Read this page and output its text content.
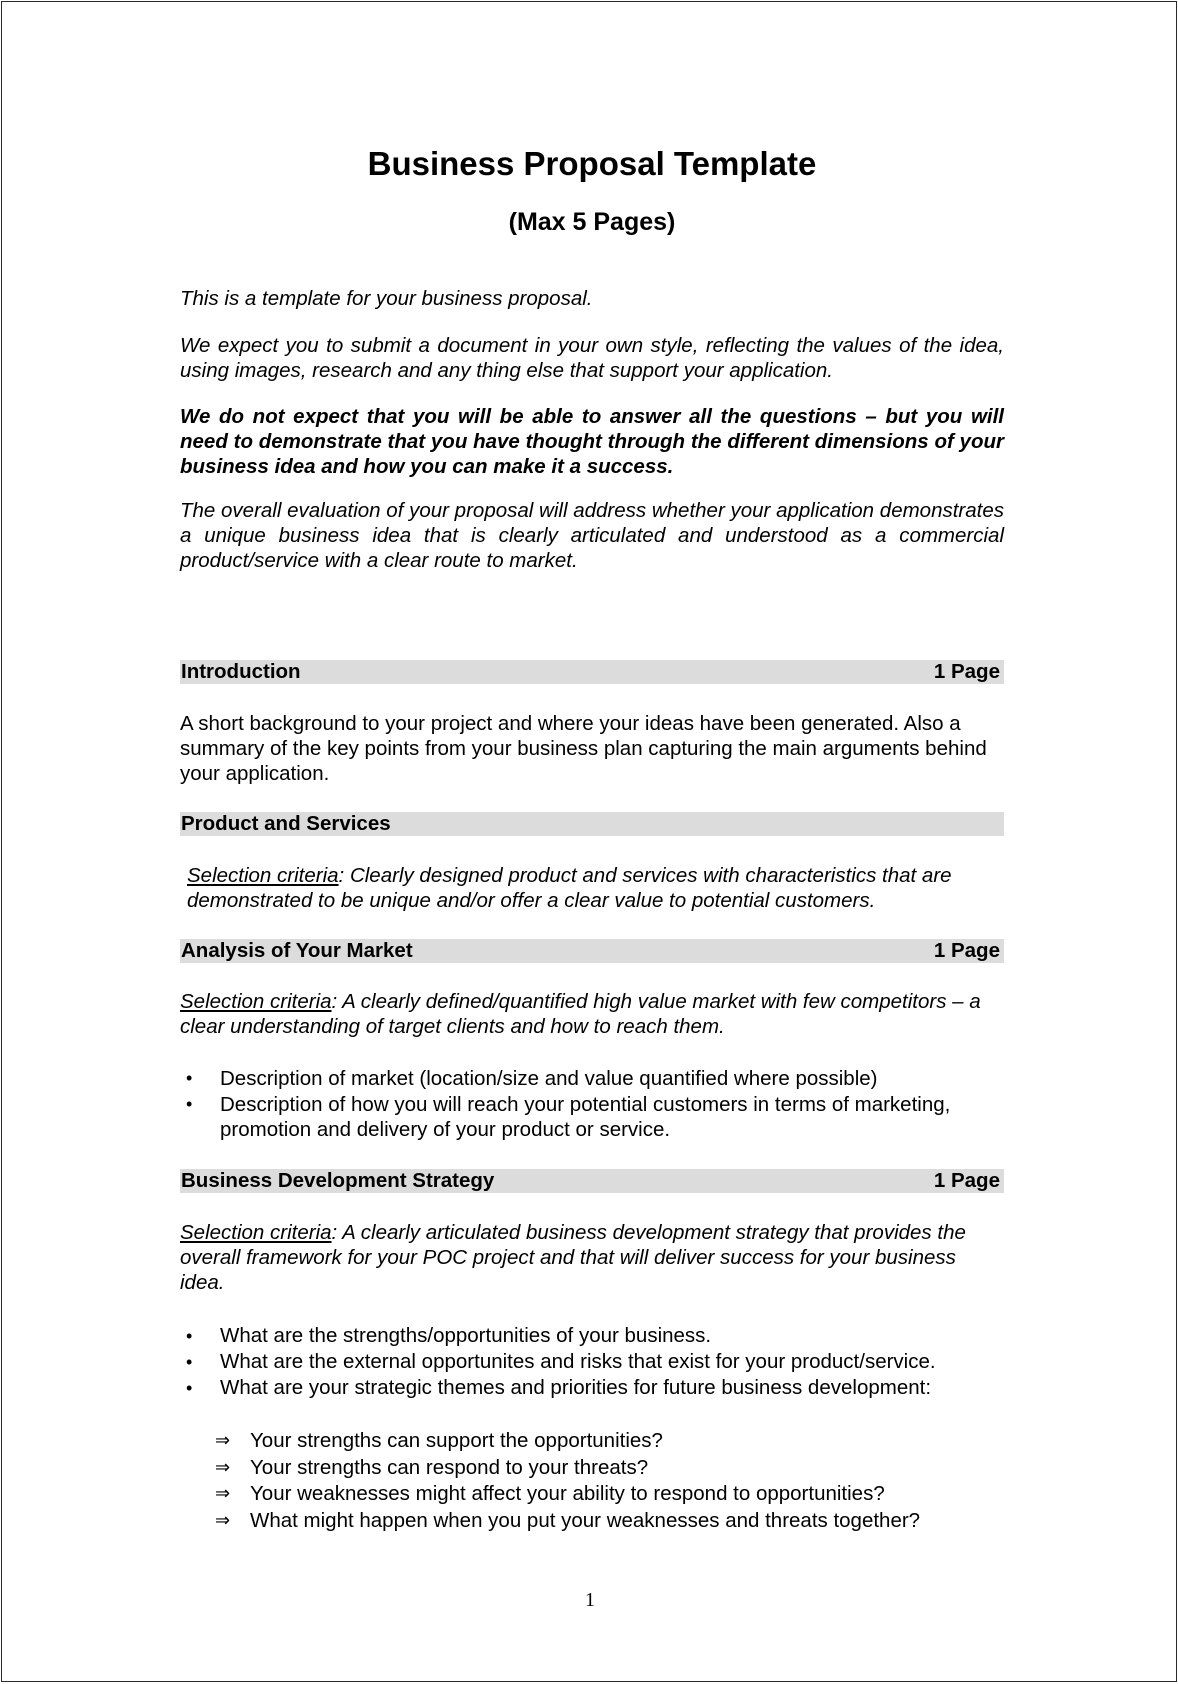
Business Proposal Template
(Max 5 Pages)

This is a template for your business proposal.

We expect you to submit a document in your own style, reflecting the values of the idea, using images, research and any thing else that support your application.

We do not expect that you will be able to answer all the questions – but you will need to demonstrate that you have thought through the different dimensions of your business idea and how you can make it a success.

The overall evaluation of your proposal will address whether your application demonstrates a unique business idea that is clearly articulated and understood as a commercial product/service with a clear route to market.

Introduction	1 Page

A short background to your project and where your ideas have been generated. Also a summary of the key points from your business plan capturing the main arguments behind your application.

Product and Services

Selection criteria: Clearly designed product and services with characteristics that are demonstrated to be unique and/or offer a clear value to potential customers.

Analysis of Your Market	1 Page

Selection criteria: A clearly defined/quantified high value market with few competitors – a clear understanding of target clients and how to reach them.

• Description of market (location/size and value quantified where possible)
• Description of how you will reach your potential customers in terms of marketing, promotion and delivery of your product or service.
Business Development Strategy	1 Page

Selection criteria: A clearly articulated business development strategy that provides the overall framework for your POC project and that will deliver success for your business idea.

• What are the strengths/opportunities of your business.
• What are the external opportunites and risks that exist for your product/service.
• What are your strategic themes and priorities for future business development:
⇒ Your strengths can support the opportunities?
⇒ Your strengths can respond to your threats?
⇒ Your weaknesses might affect your ability to respond to opportunities?
⇒ What might happen when you put your weaknesses and threats together?
1
